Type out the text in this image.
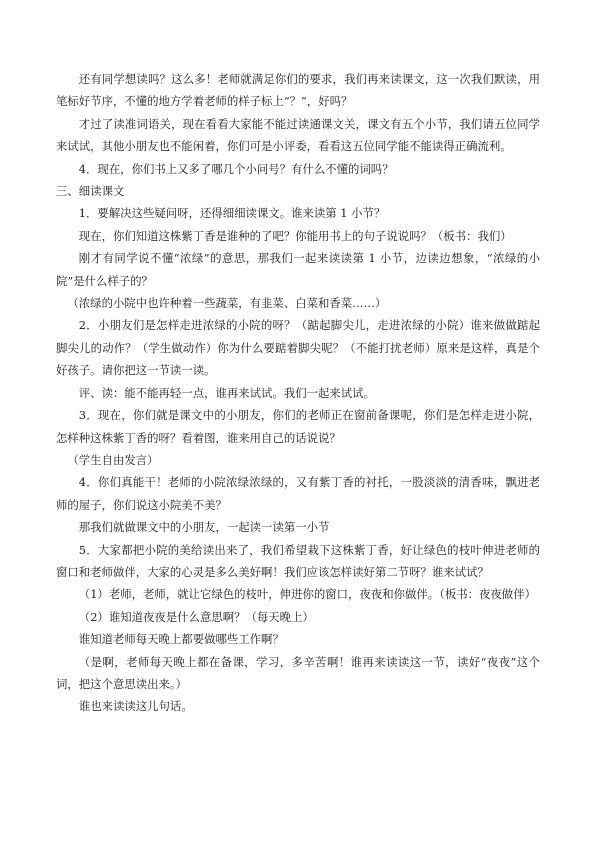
还有同学想读吗？这么多！老师就满足你们的要求，我们再来读课文，这一次我们默读，用笔标好节序，不懂的地方学着老师的样子标上“？”，好吗？

才过了读准词语关，现在看看大家能不能过读通课文关，课文有五个小节，我们请五位同学来试试，其他小朋友也不能闲着，你们可是小评委，看看这五位同学能不能读得正确流利。

4．现在，你们书上又多了哪几个小问号？有什么不懂的词吗？

三、细读课文

1．要解决这些疑问呀，还得细细读课文。谁来读第 1 小节？

现在，你们知道这株紫丁香是谁种的了吧？你能用书上的句子说说吗？（板书：我们）

刚才有同学说不懂“浓绿”的意思，那我们一起来读读第 1 小节，边读边想象，“浓绿的小院”是什么样子的？

（浓绿的小院中也许种着一些蔬菜，有韭菜、白菜和香菜……）

2．小朋友们是怎样走进浓绿的小院的呀？（踮起脚尖儿，走进浓绿的小院）谁来做做踮起脚尖儿的动作？（学生做动作）你为什么要踮着脚尖呢？（不能打扰老师）原来是这样，真是个好孩子。请你把这一节读一读。

评、读：能不能再轻一点，谁再来试试。我们一起来试试。

3．现在，你们就是课文中的小朋友，你们的老师正在窗前备课呢，你们是怎样走进小院，怎样种这株紫丁香的呀？看着图，谁来用自己的话说说？

（学生自由发言）

4．你们真能干！老师的小院浓绿浓绿的，又有紫丁香的衬托，一股淡淡的清香味，飘进老师的屋子，你们说这小院美不美？

那我们就做课文中的小朋友，一起读一读第一小节

5．大家都把小院的美给读出来了，我们希望栽下这株紫丁香，好让绿色的枝叶伸进老师的窗口和老师做伴，大家的心灵是多么美好啊！我们应该怎样读好第二节呀？谁来试试？

（1）老师，老师，就让它绿色的枝叶，伸进你的窗口，夜夜和你做伴。（板书：夜夜做伴）

（2）谁知道夜夜是什么意思啊？（每天晚上）

谁知道老师每天晚上都要做哪些工作啊？

（是啊，老师每天晚上都在备课，学习，多辛苦啊！谁再来读读这一节，读好“夜夜”这个词，把这个意思读出来。）

谁也来读读这儿句话。
